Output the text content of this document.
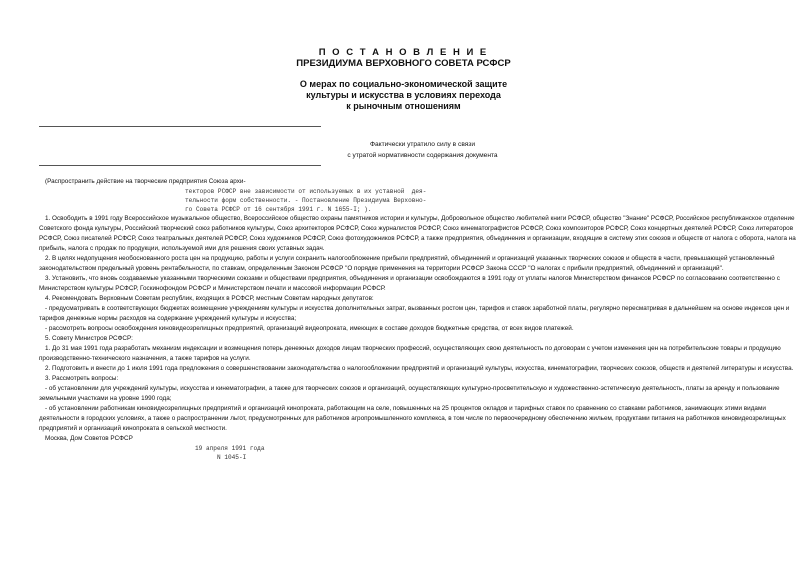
П О С Т А Н О В Л Е Н И Е
ПРЕЗИДИУМА ВЕРХОВНОГО СОВЕТА РСФСР
О мерах по социально-экономической защите
культуры и искусства в условиях перехода
к рыночным отношениям
Фактически утратило силу в связи
с утратой нормативности содержания документа

(Распространить действие на творческие предприятия Союза архи-

текторов РСФСР вне зависимости от используемых в их уставной  дея-
тельности форм собственности. - Постановление Президиума Верховно-
го Совета РСФСР от 16 сентября 1991 г. N 1655-I; ).

1. Освободить в 1991 году Всероссийское музыкальное общество, Всероссийское общество охраны памятников истории и культуры, Добровольное общество любителей книги РСФСР, общество "Знание" РСФСР, Российское республиканское отделение Советского фонда культуры, Российский творческий союз работников культуры, Союз архитекторов РСФСР, Союз журналистов РСФСР, Союз кинематографистов РСФСР, Союз композиторов РСФСР, Союз концертных деятелей РСФСР, Союз литераторов РСФСР, Союз писателей РСФСР, Союз театральных деятелей РСФСР, Союз художников РСФСР, Союз фотохудожников РСФСР, а также предприятия, объединения и организации, входящие в систему этих союзов и обществ от налога с оборота, налога на прибыль, налога с продаж по продукции, используемой ими для решения своих уставных задач.

2. В целях недопущения необоснованного роста цен на продукцию, работы и услуги сохранить налогообложение прибыли предприятий, объединений и организаций указанных творческих союзов и обществ в части, превышающей установленный законодательством предельный уровень рентабельности, по ставкам, определенным Законом РСФСР "О порядке применения на территории РСФСР Закона СССР "О налогах с прибыли предприятий, объединений и организаций".

3. Установить, что вновь создаваемые указанными творческими союзами и обществами предприятия, объединения и организации освобождаются в 1991 году от уплаты налогов Министерством финансов РСФСР по согласованию соответственно с Министерством культуры РСФСР, Госкинофондом РСФСР и Министерством печати и массовой информации РСФСР.

4. Рекомендовать Верховным Советам республик, входящих в РСФСР, местным Советам народных депутатов:

- предусматривать в соответствующих бюджетах возмещение учреждениям культуры и искусства дополнительных затрат, вызванных ростом цен, тарифов и ставок заработной платы, регулярно пересматривая в дальнейшем на основе индексов цен и тарифов денежные нормы расходов на содержание учреждений культуры и искусства;

- рассмотреть вопросы освобождения киновидеозрелищных предприятий, организаций видеопроката, имеющих в составе доходов бюджетные средства, от всех видов платежей.

5. Совету Министров РСФСР:

1. До 31 мая 1991 года разработать механизм индексации и возмещения потерь денежных доходов лицам творческих профессий, осуществляющих свою деятельность по договорам с учетом изменения цен на потребительские товары и продукцию производственно-технического назначения, а также тарифов на услуги.

2. Подготовить и внести до 1 июля 1991 года предложения о совершенствовании законодательства о налогообложении предприятий и организаций культуры, искусства, кинематографии, творческих союзов, обществ и деятелей литературы и искусства.

3. Рассмотреть вопросы:

- об установлении для учреждений культуры, искусства и кинематографии, а также для творческих союзов и организаций, осуществляющих культурно-просветительскую и художественно-эстетическую деятельность, платы за аренду и пользование земельными участками на уровне 1990 года;

- об установлении работникам киновидеозрелищных предприятий и организаций кинопроката, работающим на селе, повышенных на 25 процентов окладов и тарифных ставок по сравнению со ставками работников, занимающих этими видами деятельности в городских условиях, а также о распространении льгот, предусмотренных для работников агропромышленного комплекса, в том числе по первоочередному обеспечению жильем, продуктами питания на работников киновидеозрелищных предприятий и организаций кинопроката в сельской местности.

Москва, Дом Советов РСФСР

19 апреля 1991 года
N 1045-I
